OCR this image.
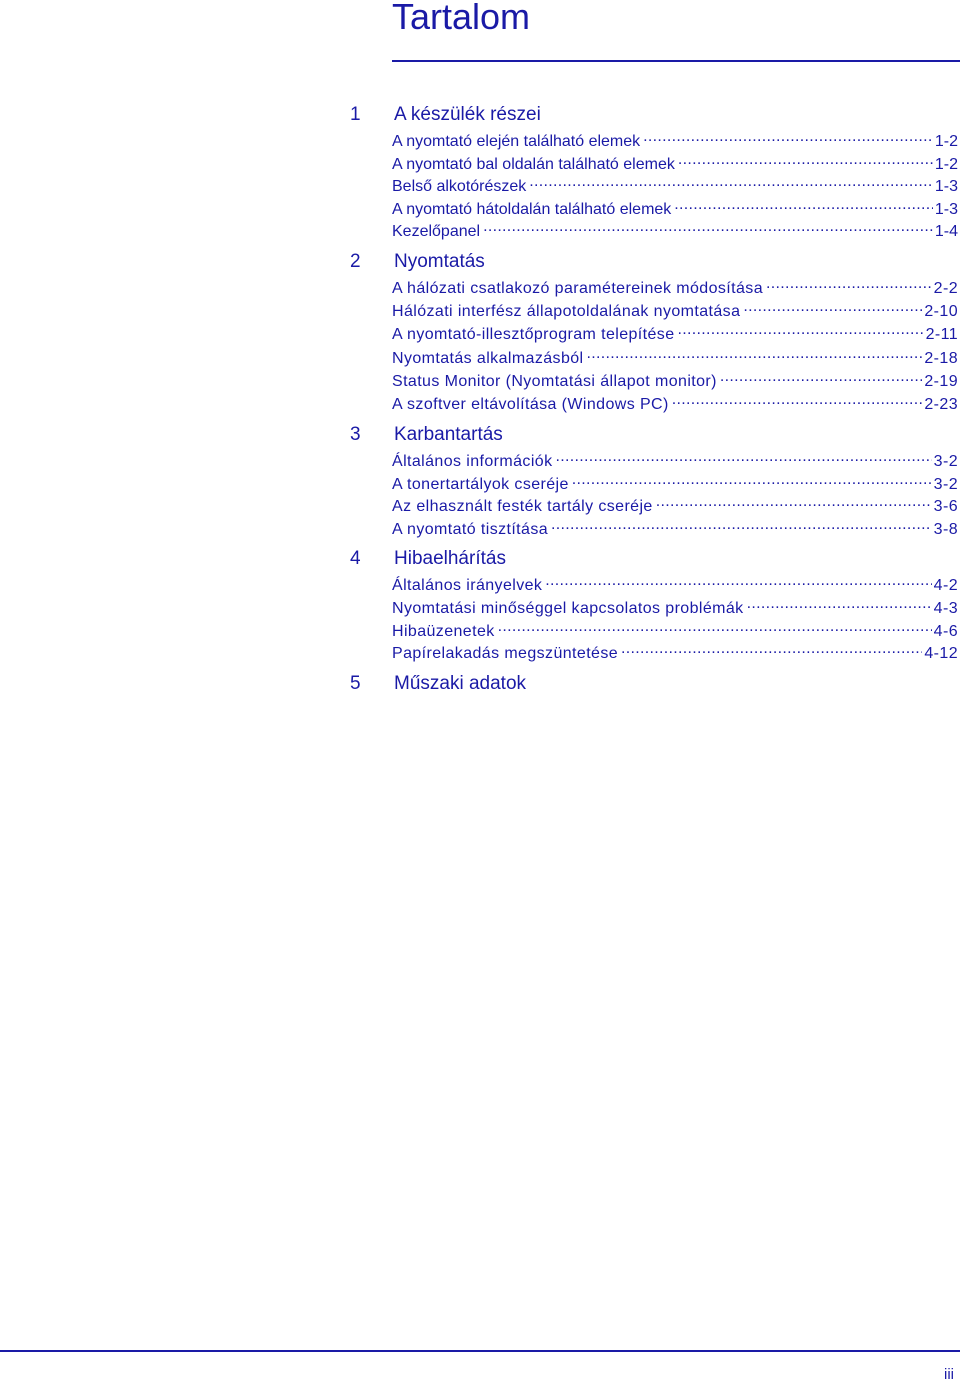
Tartalom
1	A készülék részei
A nyomtató elején található elemek .....	1-2
A nyomtató bal oldalán található elemek .....	1-2
Belső alkotórészek .....	1-3
A nyomtató hátoldalán található elemek .....	1-3
Kezelőpanel .....	1-4
2	Nyomtatás
A hálózati csatlakozó paramétereinek módosítása .....	2-2
Hálózati interfész állapotoldalának nyomtatása .....	2-10
A nyomtató-illesztőprogram telepítése .....	2-11
Nyomtatás alkalmazásból .....	2-18
Status Monitor (Nyomtatási állapot monitor) .....	2-19
A szoftver eltávolítása (Windows PC) .....	2-23
3	Karbantartás
Általános információk .....	3-2
A tonertartályok cseréje .....	3-2
Az elhasznált festék tartály cseréje .....	3-6
A nyomtató tisztítása .....	3-8
4	Hibaelhárítás
Általános irányelvek .....	4-2
Nyomtatási minőséggel kapcsolatos problémák .....	4-3
Hibaüzenetek .....	4-6
Papírelakadás megszüntetése .....	4-12
5	Műszaki adatok
iii
